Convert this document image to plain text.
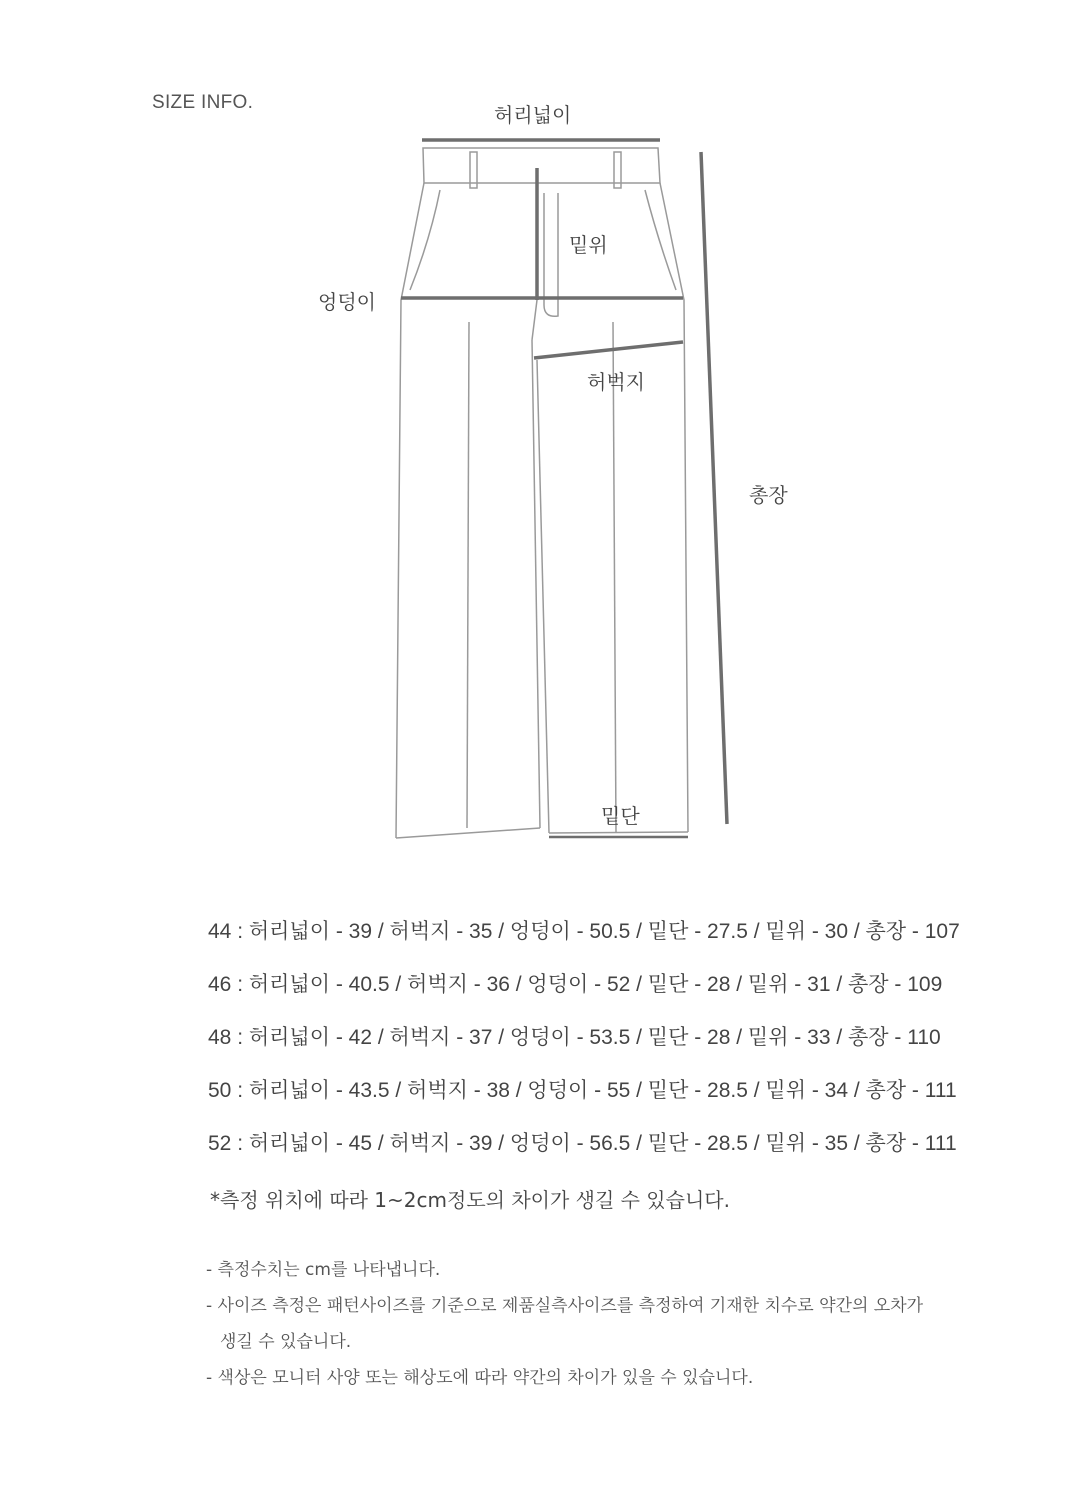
SIZE INFO.
허리넓이
밑위
엉덩이
허벅지
총장
밑단
44 : 허리넓이 - 39 / 허벅지 - 35 / 엉덩이 - 50.5 / 밑단 - 27.5 / 밑위 - 30 / 총장 - 107
46 : 허리넓이 - 40.5 / 허벅지 - 36 / 엉덩이 - 52 / 밑단 - 28 / 밑위 - 31 / 총장 - 109
48 : 허리넓이 - 42 / 허벅지 - 37 / 엉덩이 - 53.5 / 밑단 - 28 / 밑위 - 33 / 총장 - 110
50 : 허리넓이 - 43.5 / 허벅지 - 38 / 엉덩이 - 55 / 밑단 - 28.5 / 밑위 - 34 / 총장 - 111
52 : 허리넓이 - 45 / 허벅지 - 39 / 엉덩이 - 56.5 / 밑단 - 28.5 / 밑위 - 35 / 총장 - 111
*측정 위치에 따라 1~2cm정도의 차이가 생길 수 있습니다.
- 측정수치는 cm를 나타냅니다.
- 사이즈 측정은 패턴사이즈를 기준으로 제품실측사이즈를 측정하여 기재한 치수로 약간의 오차가
생길 수 있습니다.
- 색상은 모니터 사양 또는 해상도에 따라 약간의 차이가 있을 수 있습니다.
